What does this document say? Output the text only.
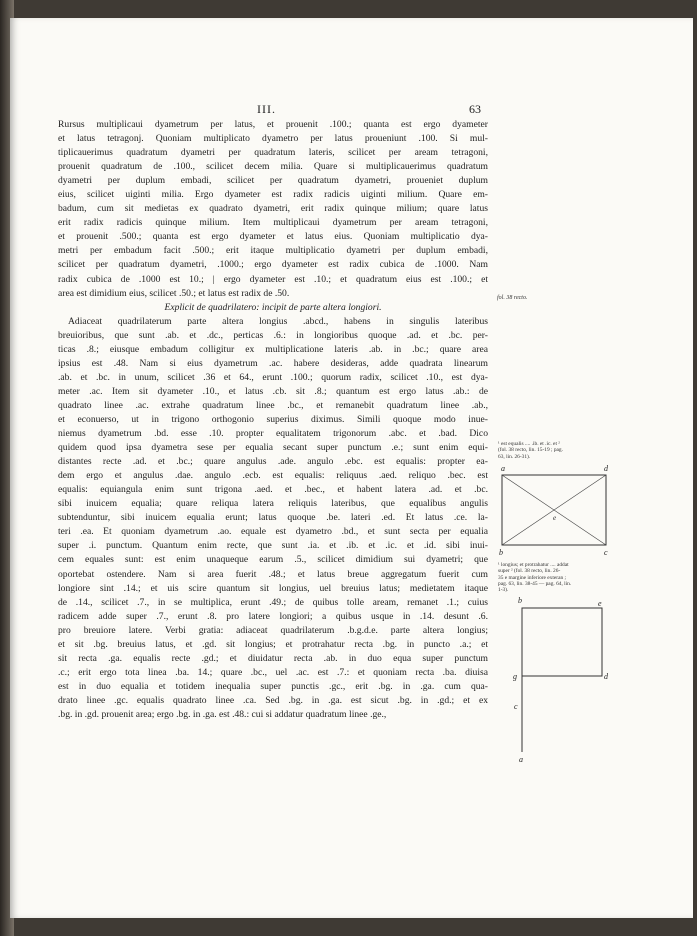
III.	63
Rursus multiplicaui dyametrum per latus, et prouenit .100.; quanta est ergo dyameter
et latus tetragonj. Quoniam multiplicato dyametro per latus proueniunt .100. Si mul-
tiplicauerimus quadratum dyametri per quadratum lateris, scilicet per aream tetragoni,
prouenit quadratum de .100., scilicet decem milia. Quare si multiplicauerimus quadratum
dyametri per duplum embadi, scilicet per quadratum dyametri, proueniet duplum
eius, scilicet uiginti milia. Ergo dyameter est radix radicis uiginti milium. Quare em-
badum, cum sit medietas ex quadrato dyametri, erit radix quinque milium; quare latus
erit radix radicis quinque milium. Item multiplicaui dyametrum per aream tetragoni,
et prouenit .500.; quanta est ergo dyameter et latus eius. Quoniam multiplicatio dya-
metri per embadum facit .500.; erit itaque multiplicatio dyametri per duplum embadi,
scilicet per quadratum dyametri, .1000.; ergo dyameter est radix cubica de .1000. Nam
radix cubica de .1000 est 10.; | ergo dyameter est .10.; et quadratum eius est .100.; et
area est dimidium eius, scilicet .50.; et latus est radix de .50.
Explicit de quadrilatero: incipit de parte altera longiori.
Adiaceat quadrilaterum parte altera longius .abcd., habens in singulis lateribus
breuioribus, que sunt .ab. et .dc., perticas .6.: in longioribus quoque .ad. et .bc. per-
ticas .8.; eiusque embadum colligitur ex multiplicatione lateris .ab. in .bc.; quare area
ipsius est .48. Nam si eius dyametrum .ac. habere desideras, adde quadrata linearum
.ab. et .bc. in unum, scilicet .36 et 64., erunt .100.; quorum radix, scilicet .10., est dya-
meter .ac. Item sit dyameter .10., et latus .cb. sit .8.; quantum est ergo latus .ab.: de
quadrato linee .ac. extrahe quadratum linee .bc., et remanebit quadratum linee .ab.,
et econuerso, ut in trigono orthogonio superius diximus. Simili quoque modo inue-
niemus dyametrum .bd. esse .10. propter equalitatem trigonorum .abc. et .bad. Dico
quidem quod ipsa dyametra sese per equalia secant super punctum .e.; sunt enim equi-
distantes recte .ad. et .bc.; quare angulus .ade. angulo .ebc. est equalis: propter ea-
dem ergo et angulus .dae. angulo .ecb. est equalis: reliquus .aed. reliquo .bec. est
equalis: equiangula enim sunt trigona .aed. et .bec., et habent latera .ad. et .bc.
sibi inuicem equalia; quare reliqua latera reliquis lateribus, que equalibus angulis
subtenduntur, sibi inuicem equalia erunt; latus quoque .be. lateri .ed. Et latus .ce. la-
teri .ea. Et quoniam dyametrum .ao. equale est dyametro .bd., et sunt secta per equalia
super .i. punctum. Quantum enim recte, que sunt .ia. et .ib. et .ic. et .id. sibi inui-
cem equales sunt: est enim unaqueque earum .5., scilicet dimidium sui dyametri; que
oportebat ostendere. Nam si area fuerit .48.; et latus breue aggregatum fuerit cum
longiore sint .14.; et uis scire quantum sit longius, uel breuius latus; medietatem itaque
de .14., scilicet .7., in se multiplica, erunt .49.; de quibus tolle aream, remanet .1.; cuius
radicem adde super .7., erunt .8. pro latere longiori; a quibus usque in .14. desunt .6.
pro breuiore latere. Verbi gratia: adiaceat quadrilaterum .b.g.d.e. parte altera longius;
et sit .bg. breuius latus, et .gd. sit longius; et protrahatur recta .bg. in puncto .a.; et
sit recta .ga. equalis recte .gd.; et diuidatur recta .ab. in duo equa super punctum
.c.; erit ergo tota linea .ba. 14.; quare .bc., uel .ac. est .7.: et quoniam recta .ba. diuisa
est in duo equalia et totidem inequalia super punctis .gc., erit .bg. in .ga. cum qua-
drato linee .gc. equalis quadrato linee .ca. Sed .bg. in .ga. est sicut .bg. in .gd.; et ex
.bg. in .gd. prouenit area; ergo .bg. in .ga. est .48.: cui si addatur quadratum linee .ge.,
fol. 38 recto.
¹ est equalis .... .ib. et .ic. et ²
(fol. 38 recto, lin. 15-19 ; pag.
63, lin. 26-31).
a	d
e
b	c
¹ longius; et protrahatur .... addat
super ² (fol. 38 recto, lin. 26-
35 e margine inferiore exteran ;
pag. 63, lin. 38-45 — pag. 64, lin.
1-3).
b	e
g	d
c
a
